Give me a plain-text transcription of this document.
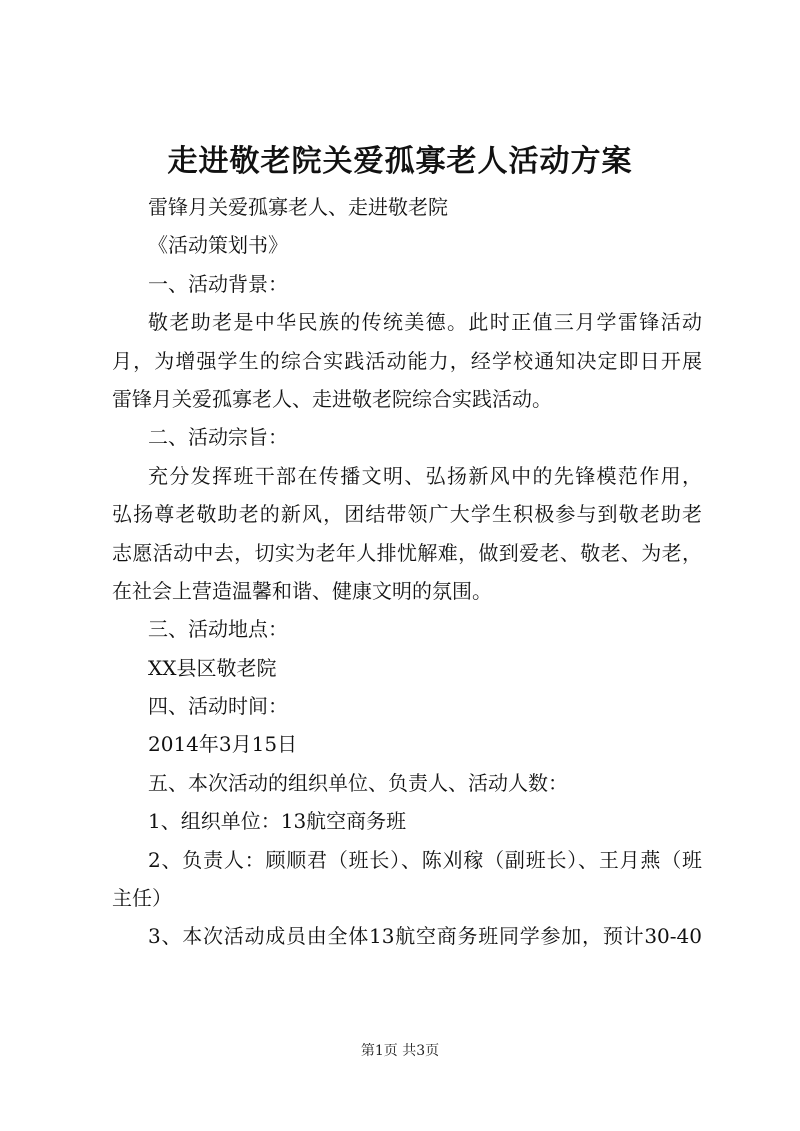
走进敬老院关爱孤寡老人活动方案
雷锋月关爱孤寡老人、走进敬老院
《活动策划书》
一、活动背景：
敬老助老是中华民族的传统美德。此时正值三月学雷锋活动
月，为增强学生的综合实践活动能力，经学校通知决定即日开展
雷锋月关爱孤寡老人、走进敬老院综合实践活动。
二、活动宗旨：
充分发挥班干部在传播文明、弘扬新风中的先锋模范作用，
弘扬尊老敬助老的新风，团结带领广大学生积极参与到敬老助老
志愿活动中去，切实为老年人排忧解难，做到爱老、敬老、为老，
在社会上营造温馨和谐、健康文明的氛围。
三、活动地点：
XX县区敬老院
四、活动时间：
2014年3月15日
五、本次活动的组织单位、负责人、活动人数：
1、组织单位：13航空商务班
2、负责人：顾顺君（班长）、陈刈稼（副班长）、王月燕（班
主任）
3、本次活动成员由全体13航空商务班同学参加，预计30-40
第1页 共3页
